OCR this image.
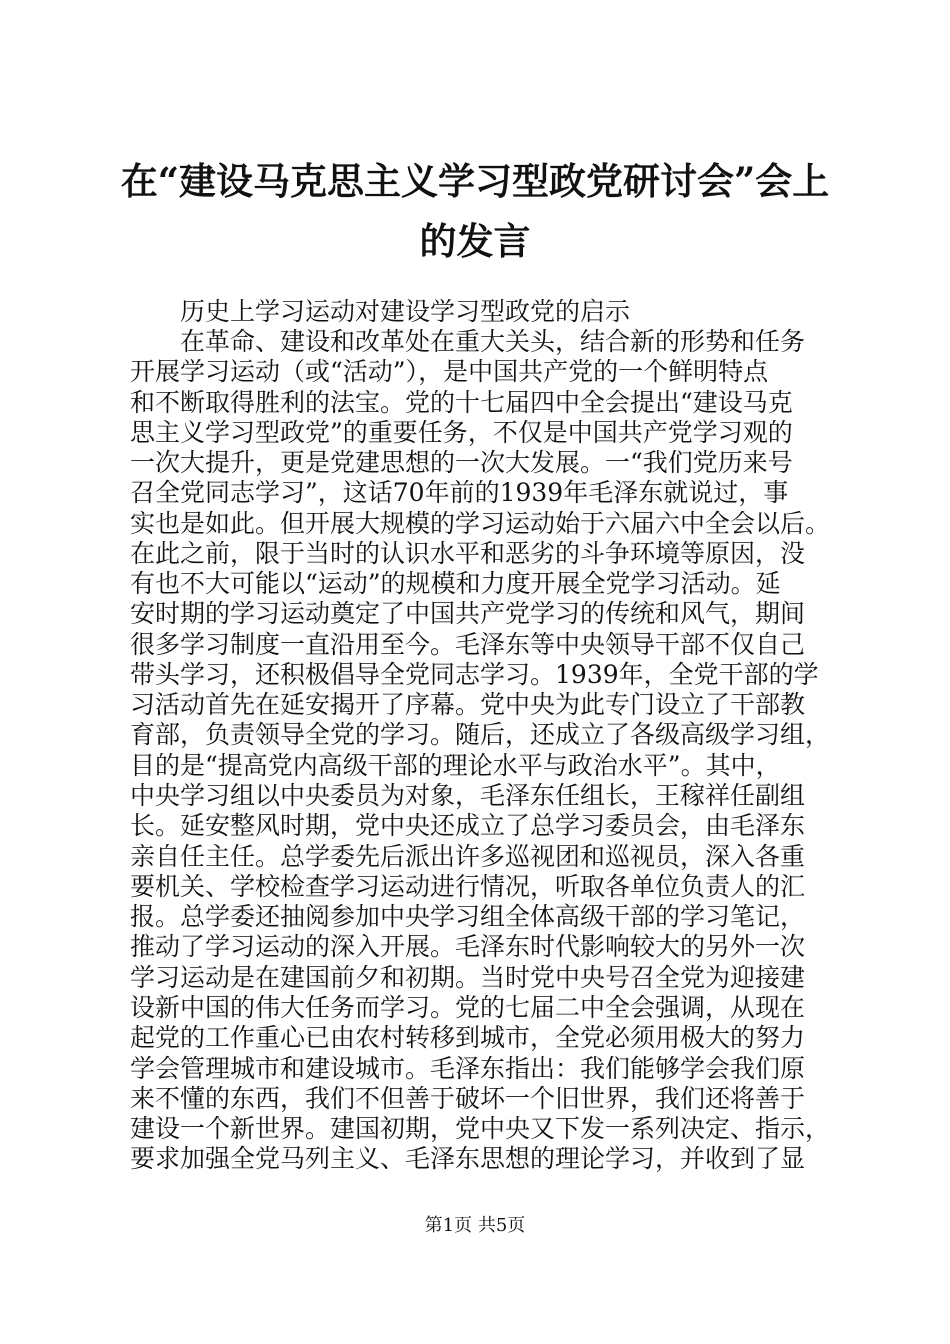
在“建设马克思主义学习型政党研讨会”会上
的发言
历史上学习运动对建设学习型政党的启示
在革命、建设和改革处在重大关头，结合新的形势和任务
开展学习运动（或“活动”），是中国共产党的一个鲜明特点
和不断取得胜利的法宝。党的十七届四中全会提出“建设马克
思主义学习型政党”的重要任务，不仅是中国共产党学习观的
一次大提升，更是党建思想的一次大发展。一“我们党历来号
召全党同志学习”，这话70年前的1939年毛泽东就说过，事
实也是如此。但开展大规模的学习运动始于六届六中全会以后。
在此之前，限于当时的认识水平和恶劣的斗争环境等原因，没
有也不大可能以“运动”的规模和力度开展全党学习活动。延
安时期的学习运动奠定了中国共产党学习的传统和风气，期间
很多学习制度一直沿用至今。毛泽东等中央领导干部不仅自己
带头学习，还积极倡导全党同志学习。1939年，全党干部的学
习活动首先在延安揭开了序幕。党中央为此专门设立了干部教
育部，负责领导全党的学习。随后，还成立了各级高级学习组，
目的是“提高党内高级干部的理论水平与政治水平”。其中，
中央学习组以中央委员为对象，毛泽东任组长，王稼祥任副组
长。延安整风时期，党中央还成立了总学习委员会，由毛泽东
亲自任主任。总学委先后派出许多巡视团和巡视员，深入各重
要机关、学校检查学习运动进行情况，听取各单位负责人的汇
报。总学委还抽阅参加中央学习组全体高级干部的学习笔记，
推动了学习运动的深入开展。毛泽东时代影响较大的另外一次
学习运动是在建国前夕和初期。当时党中央号召全党为迎接建
设新中国的伟大任务而学习。党的七届二中全会强调，从现在
起党的工作重心已由农村转移到城市，全党必须用极大的努力
学会管理城市和建设城市。毛泽东指出：我们能够学会我们原
来不懂的东西，我们不但善于破坏一个旧世界，我们还将善于
建设一个新世界。建国初期，党中央又下发一系列决定、指示，
要求加强全党马列主义、毛泽东思想的理论学习，并收到了显
第1页 共5页
